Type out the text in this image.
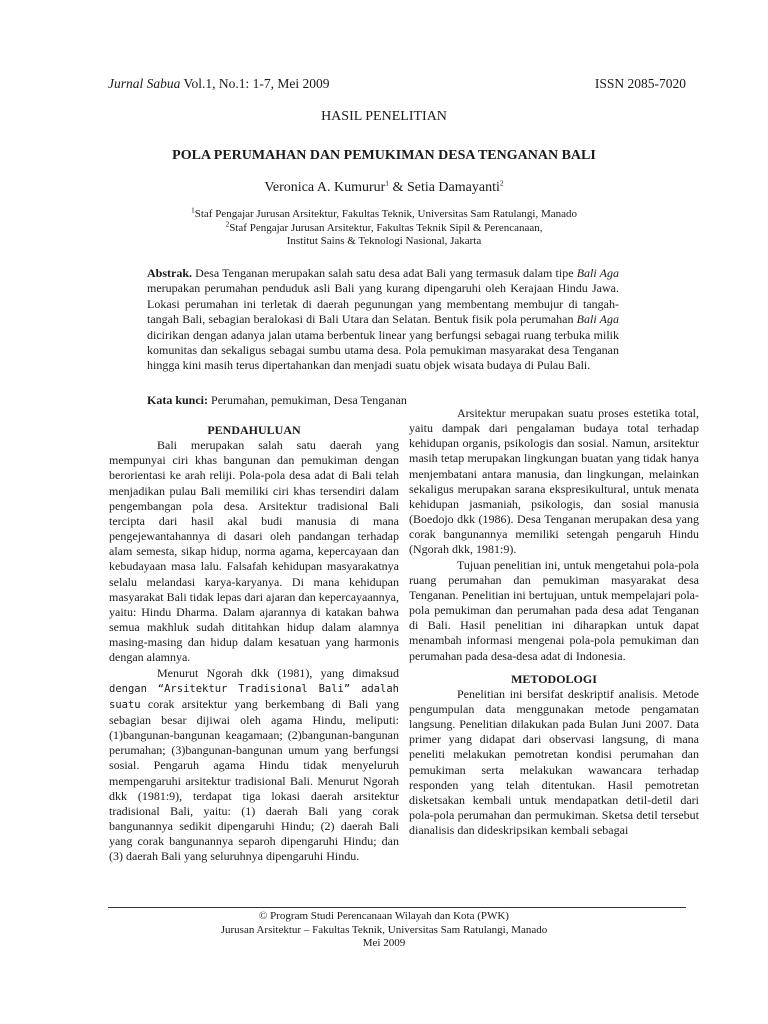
Jurnal Sabua Vol.1, No.1: 1-7, Mei 2009	ISSN 2085-7020
HASIL PENELITIAN
POLA PERUMAHAN DAN PEMUKIMAN DESA TENGANAN BALI
Veronica A. Kumurur$^1$ & Setia Damayanti$^2$
$^1$Staf Pengajar Jurusan Arsitektur, Fakultas Teknik, Universitas Sam Ratulangi, Manado
$^2$Staf Pengajar Jurusan Arsitektur, Fakultas Teknik Sipil & Perencanaan,
Institut Sains & Teknologi Nasional, Jakarta
Abstrak. Desa Tenganan merupakan salah satu desa adat Bali yang termasuk dalam tipe Bali Aga merupakan perumahan penduduk asli Bali yang kurang dipengaruhi oleh Kerajaan Hindu Jawa. Lokasi perumahan ini terletak di daerah pegunungan yang membentang membujur di tangah-tangah Bali, sebagian beralokasi di Bali Utara dan Selatan. Bentuk fisik pola perumahan Bali Aga dicirikan dengan adanya jalan utama berbentuk linear yang berfungsi sebagai ruang terbuka milik komunitas dan sekaligus sebagai sumbu utama desa. Pola pemukiman masyarakat desa Tenganan hingga kini masih terus dipertahankan dan menjadi suatu objek wisata budaya di Pulau Bali.
Kata kunci: Perumahan, pemukiman, Desa Tenganan

PENDAHULUAN

Bali merupakan salah satu daerah yang mempunyai ciri khas bangunan dan pemukiman dengan berorientasi ke arah reliji. Pola-pola desa adat di Bali telah menjadikan pulau Bali memiliki ciri khas tersendiri dalam pengembangan pola desa. Arsitektur tradisional Bali tercipta dari hasil akal budi manusia di mana pengejewantahannya di dasari oleh pandangan terhadap alam semesta, sikap hidup, norma agama, kepercayaan dan kebudayaan masa lalu. Falsafah kehidupan masyarakatnya selalu melandasi karya-karyanya. Di mana kehidupan masyarakat Bali tidak lepas dari ajaran dan kepercayaannya, yaitu: Hindu Dharma. Dalam ajarannya di katakan bahwa semua makhluk sudah dititahkan hidup dalam alamnya masing-masing dan hidup dalam kesatuan yang harmonis dengan alamnya.

Menurut Ngorah dkk (1981), yang dimaksud dengan “Arsitektur Tradisional Bali” adalah suatu corak arsitektur yang berkembang di Bali yang sebagian besar dijiwai oleh agama Hindu, meliputi: (1)bangunan-bangunan keagamaan; (2)bangunan-bangunan perumahan; (3)bangunan-bangunan umum yang berfungsi sosial. Pengaruh agama Hindu tidak menyeluruh mempengaruhi arsitektur tradisional Bali. Menurut Ngorah dkk (1981:9), terdapat tiga lokasi daerah arsitektur tradisional Bali, yaitu: (1) daerah Bali yang corak bangunannya sedikit dipengaruhi Hindu; (2) daerah Bali yang corak bangunannya separoh dipengaruhi Hindu; dan (3) daerah Bali yang seluruhnya dipengaruhi Hindu.

Arsitektur merupakan suatu proses estetika total, yaitu dampak dari pengalaman budaya total terhadap kehidupan organis, psikologis dan sosial. Namun, arsitektur masih tetap merupakan lingkungan buatan yang tidak hanya menjembatani antara manusia, dan lingkungan, melainkan sekaligus merupakan sarana ekspresikultural, untuk menata kehidupan jasmaniah, psikologis, dan sosial manusia (Boedojo dkk (1986). Desa Tenganan merupakan desa yang corak bangunannya memiliki setengah pengaruh Hindu (Ngorah dkk, 1981:9).

Tujuan penelitian ini, untuk mengetahui pola-pola ruang perumahan dan pemukiman masyarakat desa Tenganan. Penelitian ini bertujuan, untuk mempelajari pola-pola pemukiman dan perumahan pada desa adat Tenganan di Bali. Hasil penelitian ini diharapkan untuk dapat menambah informasi mengenai pola-pola pemukiman dan perumahan pada desa-desa adat di Indonesia.

METODOLOGI

Penelitian ini bersifat deskriptif analisis. Metode pengumpulan data menggunakan metode pengamatan langsung. Penelitian dilakukan pada Bulan Juni 2007. Data primer yang didapat dari observasi langsung, di mana peneliti melakukan pemotretan kondisi perumahan dan pemukiman serta melakukan wawancara terhadap responden yang telah ditentukan. Hasil pemotretan disketsakan kembali untuk mendapatkan detil-detil dari pola-pola perumahan dan permukiman. Sketsa detil tersebut dianalisis dan dideskripsikan kembali sebagai

© Program Studi Perencanaan Wilayah dan Kota (PWK)
Jurusan Arsitektur – Fakultas Teknik, Universitas Sam Ratulangi, Manado
Mei 2009
